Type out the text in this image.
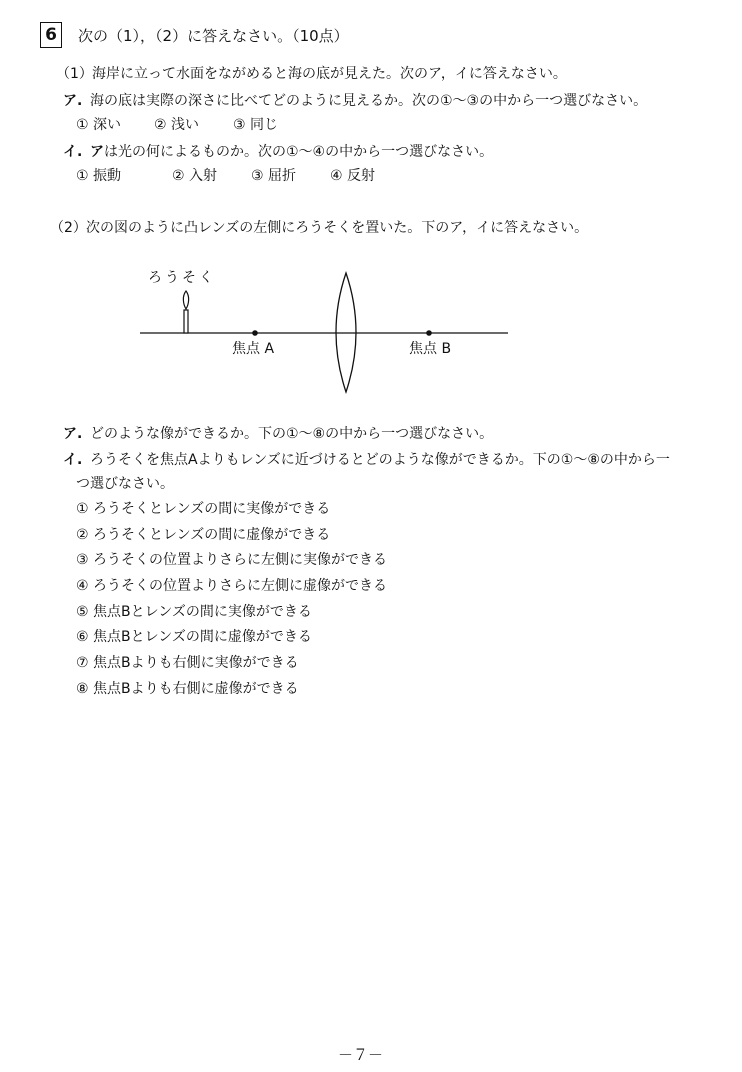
6	次の（1），（2）に答えなさい。（10点）
（1） 海岸に立って水面をながめると海の底が見えた。次のア，イに答えなさい。
ア. 海の底は実際の深さに比べてどのように見えるか。次の①～③の中から一つ選びなさい。
① 深い ② 浅い ③ 同じ
イ. アは光の何によるものか。次の①～④の中から一つ選びなさい。
① 振動	② 入射 ③ 屈折 ④ 反射
（2） 次の図のように凸レンズの左側にろうそくを置いた。下のア，イに答えなさい。
ろうそく
焦点 A	焦点 B
ア. どのような像ができるか。下の①～⑧の中から一つ選びなさい。
イ. ろうそくを焦点Aよりもレンズに近づけるとどのような像ができるか。下の①～⑧の中から一
つ選びなさい。
① ろうそくとレンズの間に実像ができる
② ろうそくとレンズの間に虚像ができる
③ ろうそくの位置よりさらに左側に実像ができる
④ ろうそくの位置よりさらに左側に虚像ができる
⑤ 焦点Bとレンズの間に実像ができる
⑥ 焦点Bとレンズの間に虚像ができる
⑦ 焦点Bよりも右側に実像ができる
⑧ 焦点Bよりも右側に虚像ができる
－７－
